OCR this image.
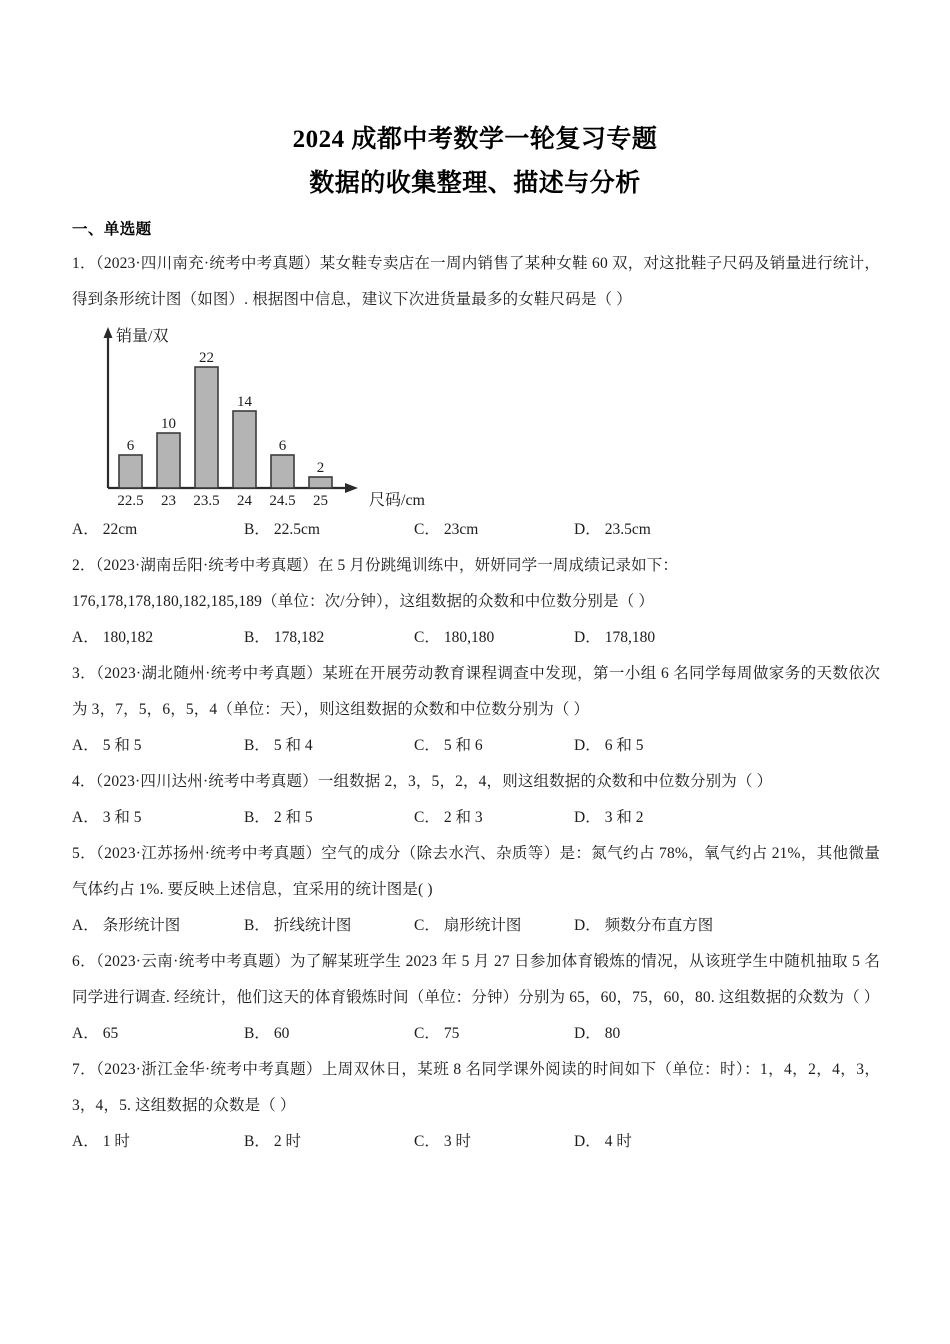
2024 成都中考数学一轮复习专题
数据的收集整理、描述与分析
一、单选题
1．（2023·四川南充·统考中考真题）某女鞋专卖店在一周内销售了某种女鞋 60 双，对这批鞋子尺码及销量进行统计，得到条形统计图（如图）. 根据图中信息，建议下次进货量最多的女鞋尺码是（ ）
6
10
22
14
6
2
22.5 23 23.5 24 24.5 25
销量/双
尺码/cm
A． 22cm	B． 22.5cm	C． 23cm	D． 23.5cm
2．（2023·湖南岳阳·统考中考真题）在 5 月份跳绳训练中，妍妍同学一周成绩记录如下：
176,178,178,180,182,185,189（单位：次/分钟），这组数据的众数和中位数分别是（ ）
A． 180,182	B． 178,182	C． 180,180	D． 178,180
3．（2023·湖北随州·统考中考真题）某班在开展劳动教育课程调查中发现，第一小组 6 名同学每周做家务的天数依次为 3，7，5，6，5，4（单位：天），则这组数据的众数和中位数分别为（ ）
A． 5 和 5	B． 5 和 4	C． 5 和 6	D． 6 和 5
4．（2023·四川达州·统考中考真题）一组数据 2，3，5，2，4，则这组数据的众数和中位数分别为（ ）
A． 3 和 5	B． 2 和 5	C． 2 和 3	D． 3 和 2
5．（2023·江苏扬州·统考中考真题）空气的成分（除去水汽、杂质等）是：氮气约占 78%，氧气约占 21%，其他微量气体约占 1%. 要反映上述信息，宜采用的统计图是( )
A． 条形统计图	B． 折线统计图	C． 扇形统计图	D． 频数分布直方图
6．（2023·云南·统考中考真题）为了解某班学生 2023 年 5 月 27 日参加体育锻炼的情况，从该班学生中随机抽取 5 名同学进行调查. 经统计，他们这天的体育锻炼时间（单位：分钟）分别为 65，60，75，60，80. 这组数据的众数为（ ）
A． 65	B． 60	C． 75	D． 80
7．（2023·浙江金华·统考中考真题）上周双休日，某班 8 名同学课外阅读的时间如下（单位：时）：1，4，2，4，3，3，4，5. 这组数据的众数是（ ）
A． 1 时	B． 2 时	C． 3 时	D． 4 时
